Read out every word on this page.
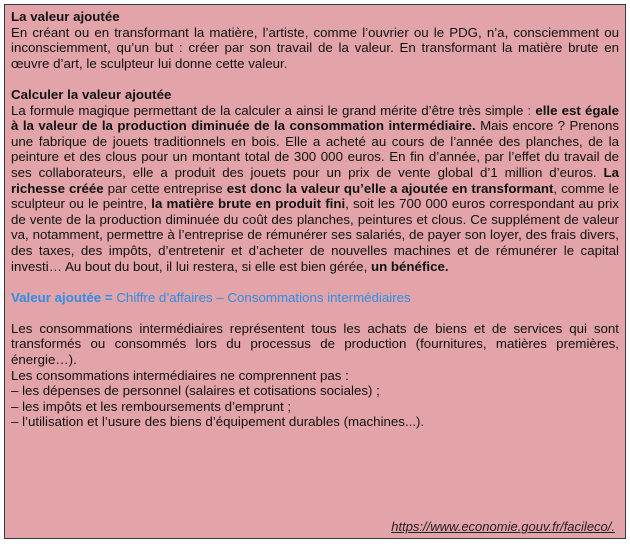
La valeur ajoutée

En créant ou en transformant la matière, l’artiste, comme l’ouvrier ou le PDG, n’a, consciemment ou inconsciemment, qu’un but : créer par son travail de la valeur. En transformant la matière brute en œuvre d’art, le sculpteur lui donne cette valeur.

Calculer la valeur ajoutée

La formule magique permettant de la calculer a ainsi le grand mérite d’être très simple : elle est égale à la valeur de la production diminuée de la consommation intermédiaire. Mais encore ? Prenons une fabrique de jouets traditionnels en bois. Elle a acheté au cours de l’année des planches, de la peinture et des clous pour un montant total de 300 000 euros. En fin d’année, par l’effet du travail de ses collaborateurs, elle a produit des jouets pour un prix de vente global d’1 million d’euros. La richesse créée par cette entreprise est donc la valeur qu’elle a ajoutée en transformant, comme le sculpteur ou le peintre, la matière brute en produit fini, soit les 700 000 euros correspondant au prix de vente de la production diminuée du coût des planches, peintures et clous. Ce supplément de valeur va, notamment, permettre à l’entreprise de rémunérer ses salariés, de payer son loyer, des frais divers, des taxes, des impôts, d’entretenir et d’acheter de nouvelles machines et de rémunérer le capital investi… Au bout du bout, il lui restera, si elle est bien gérée, un bénéfice.

Valeur ajoutée = Chiffre d’affaires – Consommations intermédiaires

Les consommations intermédiaires représentent tous les achats de biens et de services qui sont transformés ou consommés lors du processus de production (fournitures, matières premières, énergie…).

Les consommations intermédiaires ne comprennent pas :

– les dépenses de personnel (salaires et cotisations sociales) ;

– les impôts et les remboursements d’emprunt ;

– l’utilisation et l’usure des biens d’équipement durables (machines...).

https://www.economie.gouv.fr/facileco/.
